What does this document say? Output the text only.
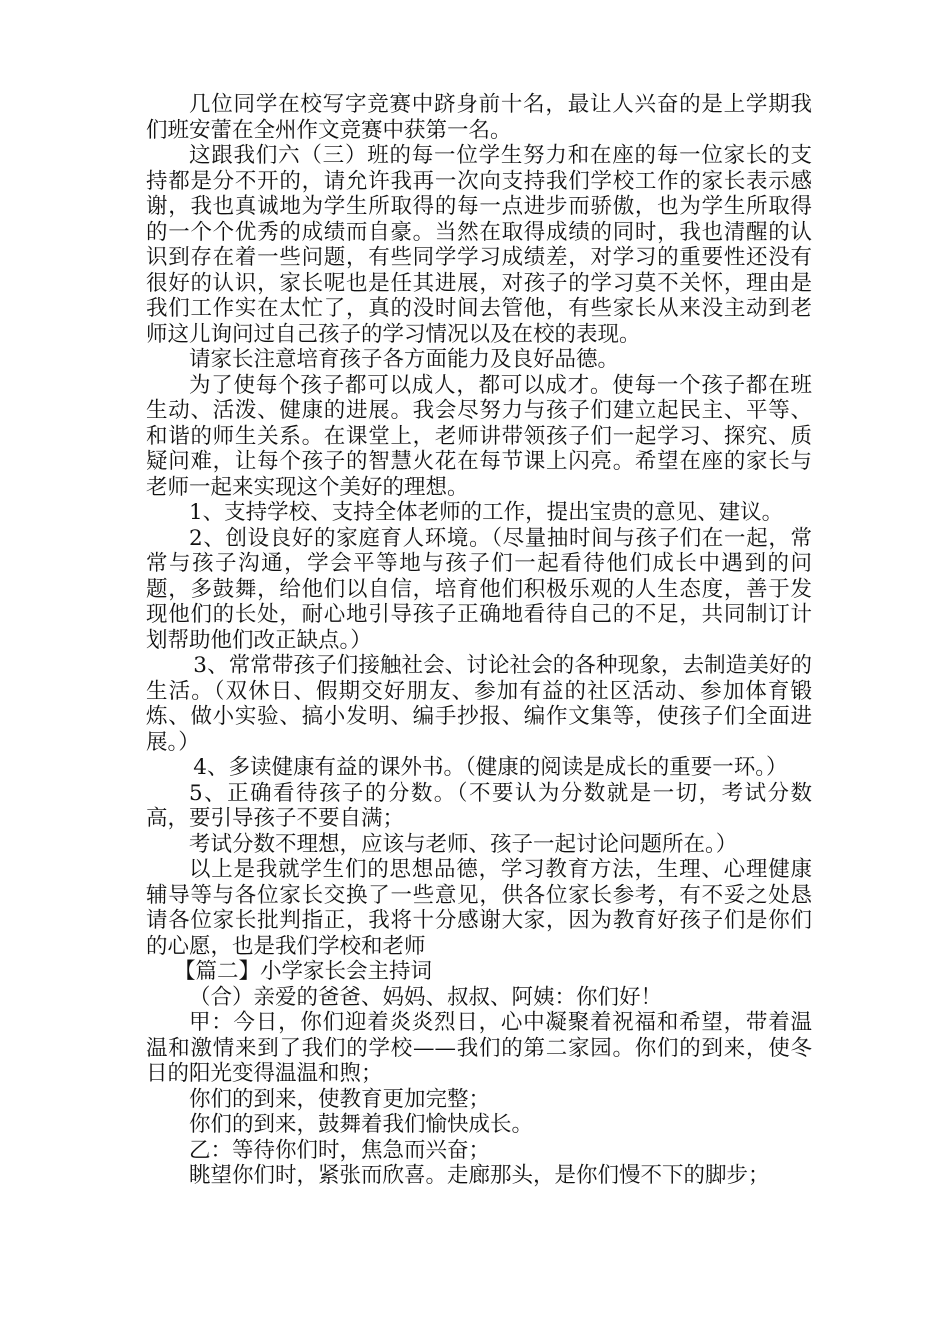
几位同学在校写字竞赛中跻身前十名，最让人兴奋的是上学期我们班安蕾在全州作文竞赛中获第一名。

这跟我们六（三）班的每一位学生努力和在座的每一位家长的支持都是分不开的，请允许我再一次向支持我们学校工作的家长表示感谢，我也真诚地为学生所取得的每一点进步而骄傲，也为学生所取得的一个个优秀的成绩而自豪。当然在取得成绩的同时，我也清醒的认识到存在着一些问题，有些同学学习成绩差，对学习的重要性还没有很好的认识，家长呢也是任其进展，对孩子的学习莫不关怀，理由是我们工作实在太忙了，真的没时间去管他，有些家长从来没主动到老师这儿询问过自己孩子的学习情况以及在校的表现。

请家长注意培育孩子各方面能力及良好品德。

为了使每个孩子都可以成人，都可以成才。使每一个孩子都在班生动、活泼、健康的进展。我会尽努力与孩子们建立起民主、平等、和谐的师生关系。在课堂上，老师讲带领孩子们一起学习、探究、质疑问难，让每个孩子的智慧火花在每节课上闪亮。希望在座的家长与老师一起来实现这个美好的理想。

1、支持学校、支持全体老师的工作，提出宝贵的意见、建议。

2、创设良好的家庭育人环境。（尽量抽时间与孩子们在一起，常常与孩子沟通，学会平等地与孩子们一起看待他们成长中遇到的问题，多鼓舞，给他们以自信，培育他们积极乐观的人生态度，善于发现他们的长处，耐心地引导孩子正确地看待自己的不足，共同制订计划帮助他们改正缺点。）

3、常常带孩子们接触社会、讨论社会的各种现象，去制造美好的生活。（双休日、假期交好朋友、参加有益的社区活动、参加体育锻炼、做小实验、搞小发明、编手抄报、编作文集等，使孩子们全面进展。）

4、多读健康有益的课外书。（健康的阅读是成长的重要一环。）

5、正确看待孩子的分数。（不要认为分数就是一切，考试分数高，要引导孩子不要自满；

考试分数不理想，应该与老师、孩子一起讨论问题所在。）

以上是我就学生们的思想品德，学习教育方法，生理、心理健康辅导等与各位家长交换了一些意见，供各位家长参考，有不妥之处恳请各位家长批判指正，我将十分感谢大家，因为教育好孩子们是你们的心愿，也是我们学校和老师

【篇二】小学家长会主持词

（合）亲爱的爸爸、妈妈、叔叔、阿姨：你们好！

甲：今日，你们迎着炎炎烈日，心中凝聚着祝福和希望，带着温温和激情来到了我们的学校——我们的第二家园。你们的到来，使冬日的阳光变得温温和煦；

你们的到来，使教育更加完整；

你们的到来，鼓舞着我们愉快成长。

乙：等待你们时，焦急而兴奋；

眺望你们时，紧张而欣喜。走廊那头，是你们慢不下的脚步；
